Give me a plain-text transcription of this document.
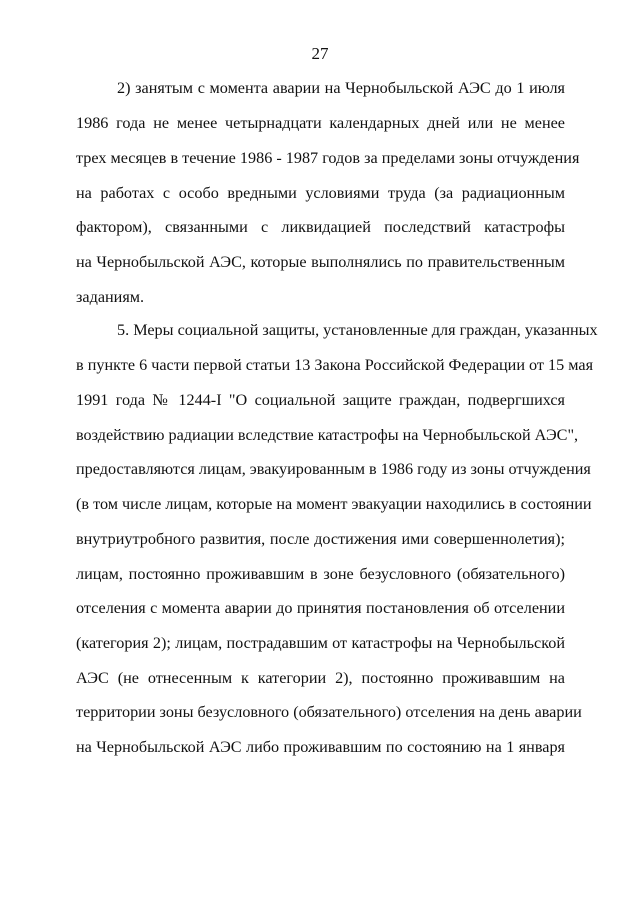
27
2) занятым с момента аварии на Чернобыльской АЭС до 1 июля
1986 года не менее четырнадцати календарных дней или не менее
трех месяцев в течение 1986 - 1987 годов за пределами зоны отчуждения
на работах с особо вредными условиями труда (за радиационным
фактором), связанными с ликвидацией последствий катастрофы
на Чернобыльской АЭС, которые выполнялись по правительственным
заданиям.
5. Меры социальной защиты, установленные для граждан, указанных
в пункте 6 части первой статьи 13 Закона Российской Федерации от 15 мая
1991 года № 1244-I "О социальной защите граждан, подвергшихся
воздействию радиации вследствие катастрофы на Чернобыльской АЭС",
предоставляются лицам, эвакуированным в 1986 году из зоны отчуждения
(в том числе лицам, которые на момент эвакуации находились в состоянии
внутриутробного развития, после достижения ими совершеннолетия);
лицам, постоянно проживавшим в зоне безусловного (обязательного)
отселения с момента аварии до принятия постановления об отселении
(категория 2); лицам, пострадавшим от катастрофы на Чернобыльской
АЭС (не отнесенным к категории 2), постоянно проживавшим на
территории зоны безусловного (обязательного) отселения на день аварии
на Чернобыльской АЭС либо проживавшим по состоянию на 1 января
